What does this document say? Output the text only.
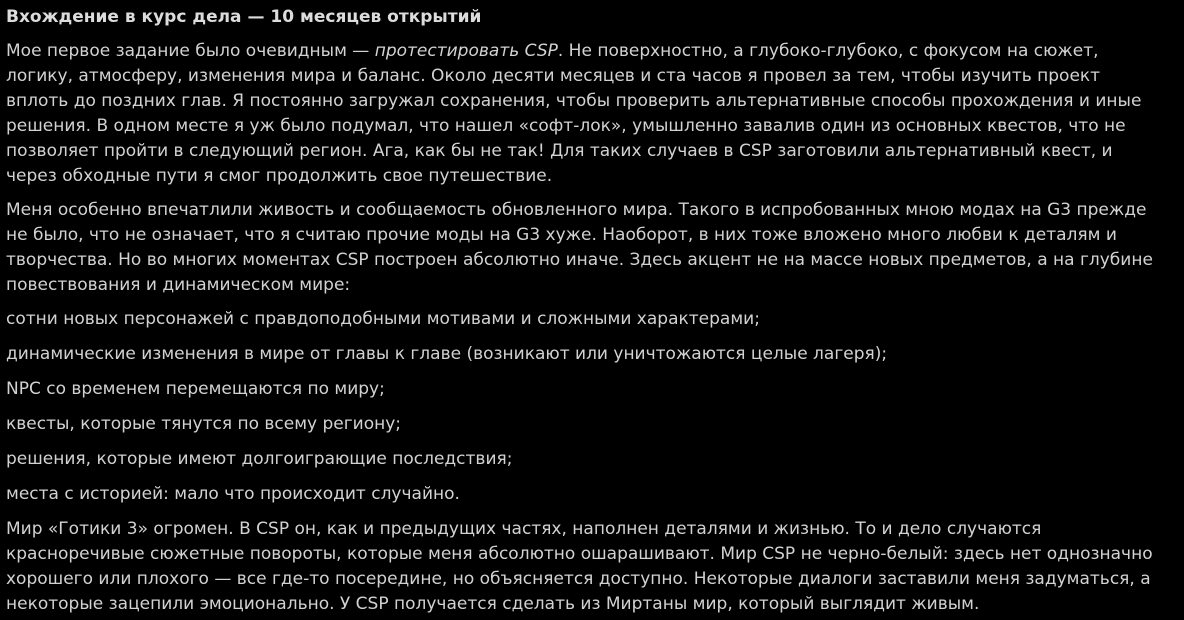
Вхождение в курс дела — 10 месяцев открытий
Мое первое задание было очевидным — протестировать CSP. Не поверхностно, а глубоко-глубоко, с фокусом на сюжет, логику, атмосферу, изменения мира и баланс. Около десяти месяцев и ста часов я провел за тем, чтобы изучить проект вплоть до поздних глав. Я постоянно загружал сохранения, чтобы проверить альтернативные способы прохождения и иные решения. В одном месте я уж было подумал, что нашел «софт-лок», умышленно завалив один из основных квестов, что не позволяет пройти в следующий регион. Ага, как бы не так! Для таких случаев в CSP заготовили альтернативный квест, и через обходные пути я смог продолжить свое путешествие.
Меня особенно впечатлили живость и сообщаемость обновленного мира. Такого в испробованных мною модах на G3 прежде не было, что не означает, что я считаю прочие моды на G3 хуже. Наоборот, в них тоже вложено много любви к деталям и творчества. Но во многих моментах CSP построен абсолютно иначе. Здесь акцент не на массе новых предметов, а на глубине повествования и динамическом мире:
сотни новых персонажей с правдоподобными мотивами и сложными характерами;
динамические изменения в мире от главы к главе (возникают или уничтожаются целые лагеря);
NPC со временем перемещаются по миру;
квесты, которые тянутся по всему региону;
решения, которые имеют долгоиграющие последствия;
места с историей: мало что происходит случайно.
Мир «Готики 3» огромен. В CSP он, как и предыдущих частях, наполнен деталями и жизнью. То и дело случаются красноречивые сюжетные повороты, которые меня абсолютно ошарашивают. Мир CSP не черно-белый: здесь нет однозначно хорошего или плохого — все где-то посередине, но объясняется доступно. Некоторые диалоги заставили меня задуматься, а некоторые зацепили эмоционально. У CSP получается сделать из Миртаны мир, который выглядит живым.
